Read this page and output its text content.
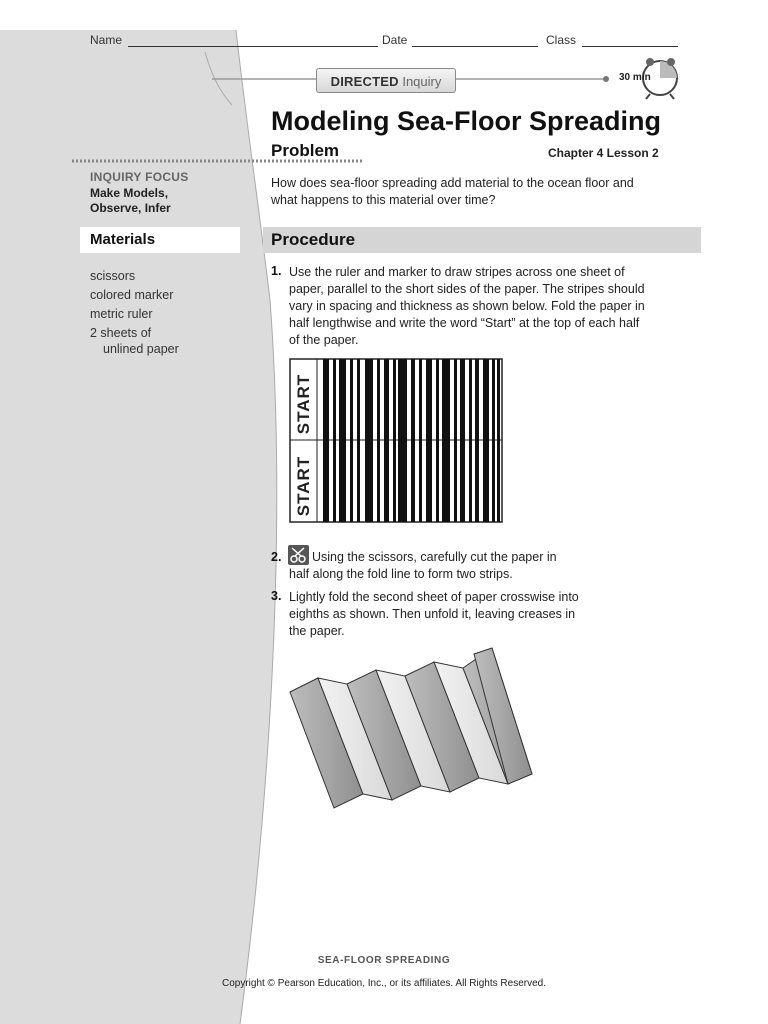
Name	Date	Class
DIRECTED Inquiry	30 min
Modeling Sea-Floor Spreading
Problem	Chapter 4 Lesson 2
How does sea-floor spreading add material to the ocean floor and what happens to this material over time?
INQUIRY FOCUS
Make Models,
Observe, Infer
Materials	Procedure
scissors
colored marker
metric ruler
2 sheets of
unlined paper
1. Use the ruler and marker to draw stripes across one sheet of paper, parallel to the short sides of the paper. The stripes should vary in spacing and thickness as shown below. Fold the paper in half lengthwise and write the word “Start” at the top of each half of the paper.
START
START
2.	Using the scissors, carefully cut the paper in half along the fold line to form two strips.
3. Lightly fold the second sheet of paper crosswise into eighths as shown. Then unfold it, leaving creases in the paper.
SEA-FLOOR SPREADING
Copyright © Pearson Education, Inc., or its affiliates. All Rights Reserved.
